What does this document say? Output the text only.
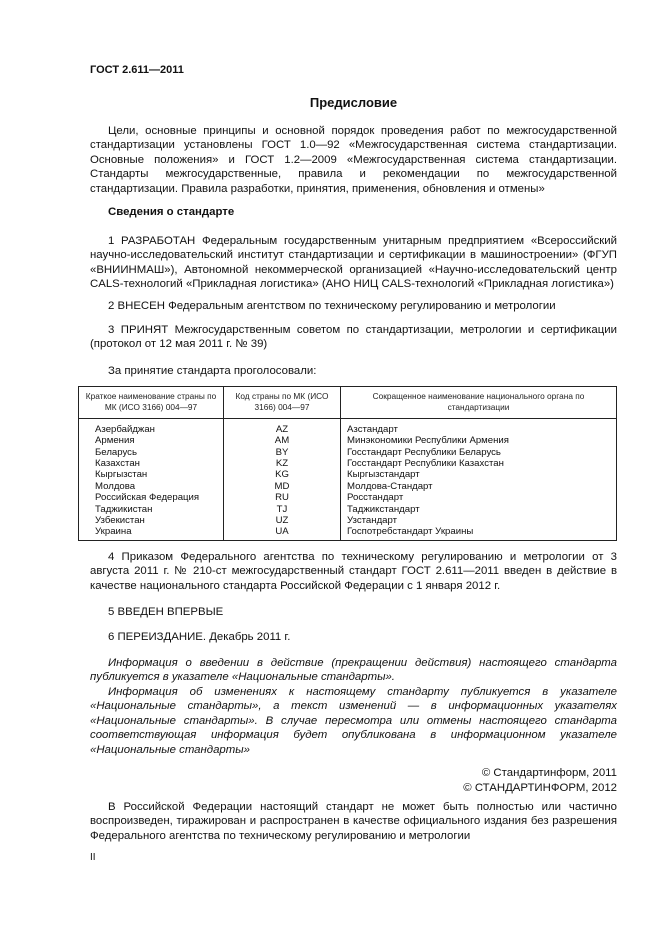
ГОСТ 2.611—2011
Предисловие
Цели, основные принципы и основной порядок проведения работ по межгосударственной стандартизации установлены ГОСТ 1.0—92 «Межгосударственная система стандартизации. Основные положения» и ГОСТ 1.2—2009 «Межгосударственная система стандартизации. Стандарты межгосударственные, правила и рекомендации по межгосударственной стандартизации. Правила разработки, принятия, применения, обновления и отмены»
Сведения о стандарте
1 РАЗРАБОТАН Федеральным государственным унитарным предприятием «Всероссийский научно-исследовательский институт стандартизации и сертификации в машиностроении» (ФГУП «ВНИИНМАШ»), Автономной некоммерческой организацией «Научно-исследовательский центр CALS-технологий «Прикладная логистика» (АНО НИЦ CALS-технологий «Прикладная логистика»)
2 ВНЕСЕН Федеральным агентством по техническому регулированию и метрологии
3 ПРИНЯТ Межгосударственным советом по стандартизации, метрологии и сертификации (протокол от 12 мая 2011 г. № 39)
За принятие стандарта проголосовали:
Краткое наименование страны по МК (ИСО 3166) 004—97	Код страны по МК (ИСО 3166) 004—97	Сокращенное наименование национального органа по стандартизации
Азербайджан	AZ	Азстандарт
Армения	AM	Минэкономики Республики Армения
Беларусь	BY	Госстандарт Республики Беларусь
Казахстан	KZ	Госстандарт Республики Казахстан
Кыргызстан	KG	Кыргызстандарт
Молдова	MD	Молдова-Стандарт
Российская Федерация	RU	Росстандарт
Таджикистан	TJ	Таджикстандарт
Узбекистан	UZ	Узстандарт
Украина	UA	Госпотребстандарт Украины
4 Приказом Федерального агентства по техническому регулированию и метрологии от 3 августа 2011 г. № 210-ст межгосударственный стандарт ГОСТ 2.611—2011 введен в действие в качестве национального стандарта Российской Федерации с 1 января 2012 г.
5 ВВЕДЕН ВПЕРВЫЕ
6 ПЕРЕИЗДАНИЕ. Декабрь 2011 г.
Информация о введении в действие (прекращении действия) настоящего стандарта публикуется в указателе «Национальные стандарты».
Информация об изменениях к настоящему стандарту публикуется в указателе «Национальные стандарты», а текст изменений — в информационных указателях «Национальные стандарты». В случае пересмотра или отмены настоящего стандарта соответствующая информация будет опубликована в информационном указателе «Национальные стандарты»
© Стандартинформ, 2011
© СТАНДАРТИНФОРМ, 2012
В Российской Федерации настоящий стандарт не может быть полностью или частично воспроизведен, тиражирован и распространен в качестве официального издания без разрешения Федерального агентства по техническому регулированию и метрологии
II
